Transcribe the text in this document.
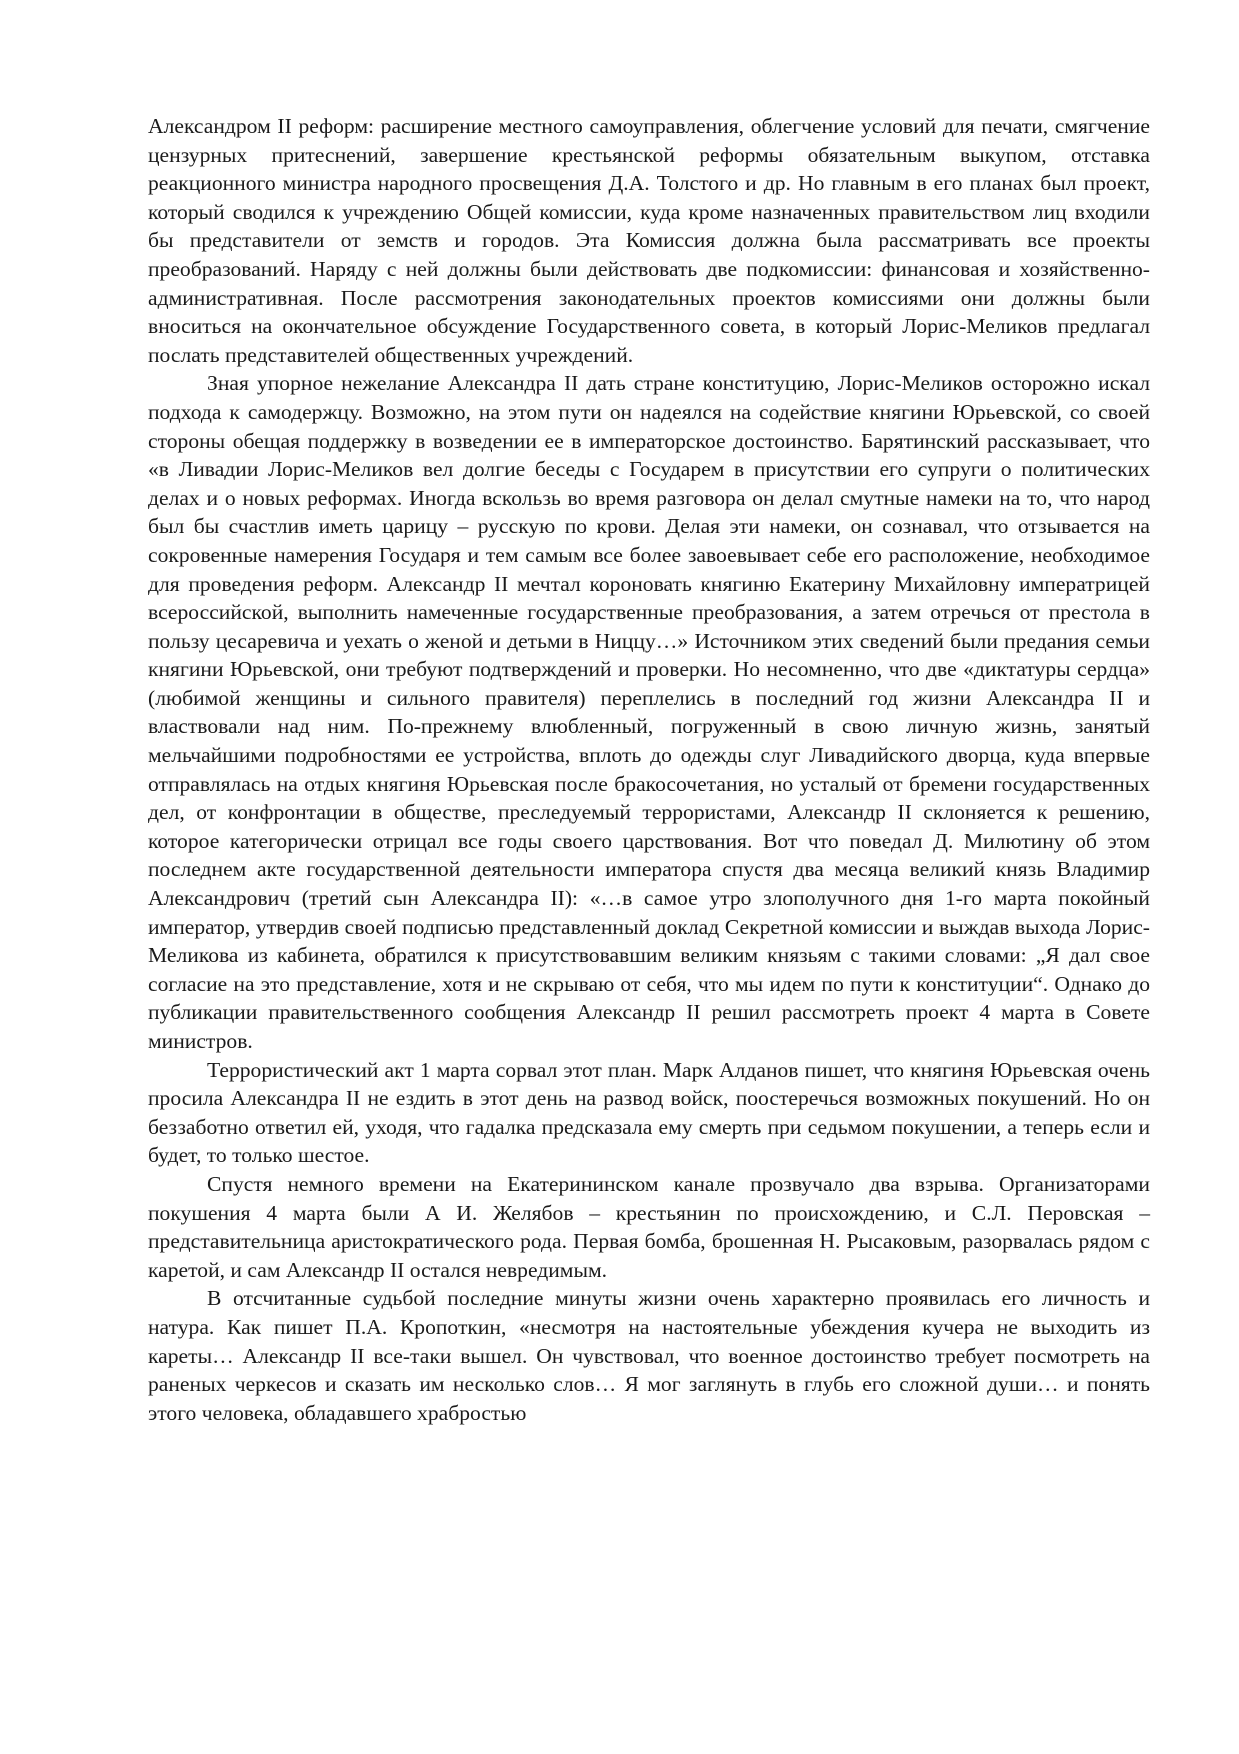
Александром II реформ: расширение местного самоуправления, облегчение условий для печати, смягчение цензурных притеснений, завершение крестьянской реформы обязательным выкупом, отставка реакционного министра народного просвещения Д.А. Толстого и др. Но главным в его планах был проект, который сводился к учреждению Общей комиссии, куда кроме назначенных правительством лиц входили бы представители от земств и городов. Эта Комиссия должна была рассматривать все проекты преобразований. Наряду с ней должны были действовать две подкомиссии: финансовая и хозяйственно-административная. После рассмотрения законодательных проектов комиссиями они должны были вноситься на окончательное обсуждение Государственного совета, в который Лорис-Меликов предлагал послать представителей общественных учреждений.

Зная упорное нежелание Александра II дать стране конституцию, Лорис-Меликов осторожно искал подхода к самодержцу. Возможно, на этом пути он надеялся на содействие княгини Юрьевской, со своей стороны обещая поддержку в возведении ее в императорское достоинство. Барятинский рассказывает, что «в Ливадии Лорис-Меликов вел долгие беседы с Государем в присутствии его супруги о политических делах и о новых реформах. Иногда вскользь во время разговора он делал смутные намеки на то, что народ был бы счастлив иметь царицу – русскую по крови. Делая эти намеки, он сознавал, что отзывается на сокровенные намерения Государя и тем самым все более завоевывает себе его расположение, необходимое для проведения реформ. Александр II мечтал короновать княгиню Екатерину Михайловну императрицей всероссийской, выполнить намеченные государственные преобразования, а затем отречься от престола в пользу цесаревича и уехать о женой и детьми в Ниццу…» Источником этих сведений были предания семьи княгини Юрьевской, они требуют подтверждений и проверки. Но несомненно, что две «диктатуры сердца» (любимой женщины и сильного правителя) переплелись в последний год жизни Александра II и властвовали над ним. По-прежнему влюбленный, погруженный в свою личную жизнь, занятый мельчайшими подробностями ее устройства, вплоть до одежды слуг Ливадийского дворца, куда впервые отправлялась на отдых княгиня Юрьевская после бракосочетания, но усталый от бремени государственных дел, от конфронтации в обществе, преследуемый террористами, Александр II склоняется к решению, которое категорически отрицал все годы своего царствования. Вот что поведал Д. Милютину об этом последнем акте государственной деятельности императора спустя два месяца великий князь Владимир Александрович (третий сын Александра II): «…в самое утро злополучного дня 1-го марта покойный император, утвердив своей подписью представленный доклад Секретной комиссии и выждав выхода Лорис-Меликова из кабинета, обратился к присутствовавшим великим князьям с такими словами: „Я дал свое согласие на это представление, хотя и не скрываю от себя, что мы идем по пути к конституции“. Однако до публикации правительственного сообщения Александр II решил рассмотреть проект 4 марта в Совете министров.

Террористический акт 1 марта сорвал этот план. Марк Алданов пишет, что княгиня Юрьевская очень просила Александра II не ездить в этот день на развод войск, поостеречься возможных покушений. Но он беззаботно ответил ей, уходя, что гадалка предсказала ему смерть при седьмом покушении, а теперь если и будет, то только шестое.

Спустя немного времени на Екатерининском канале прозвучало два взрыва. Организаторами покушения 4 марта были А И. Желябов – крестьянин по происхождению, и С.Л. Перовская – представительница аристократического рода. Первая бомба, брошенная Н. Рысаковым, разорвалась рядом с каретой, и сам Александр II остался невредимым.

В отсчитанные судьбой последние минуты жизни очень характерно проявилась его личность и натура. Как пишет П.А. Кропоткин, «несмотря на настоятельные убеждения кучера не выходить из кареты… Александр II все-таки вышел. Он чувствовал, что военное достоинство требует посмотреть на раненых черкесов и сказать им несколько слов… Я мог заглянуть в глубь его сложной души… и понять этого человека, обладавшего храбростью
